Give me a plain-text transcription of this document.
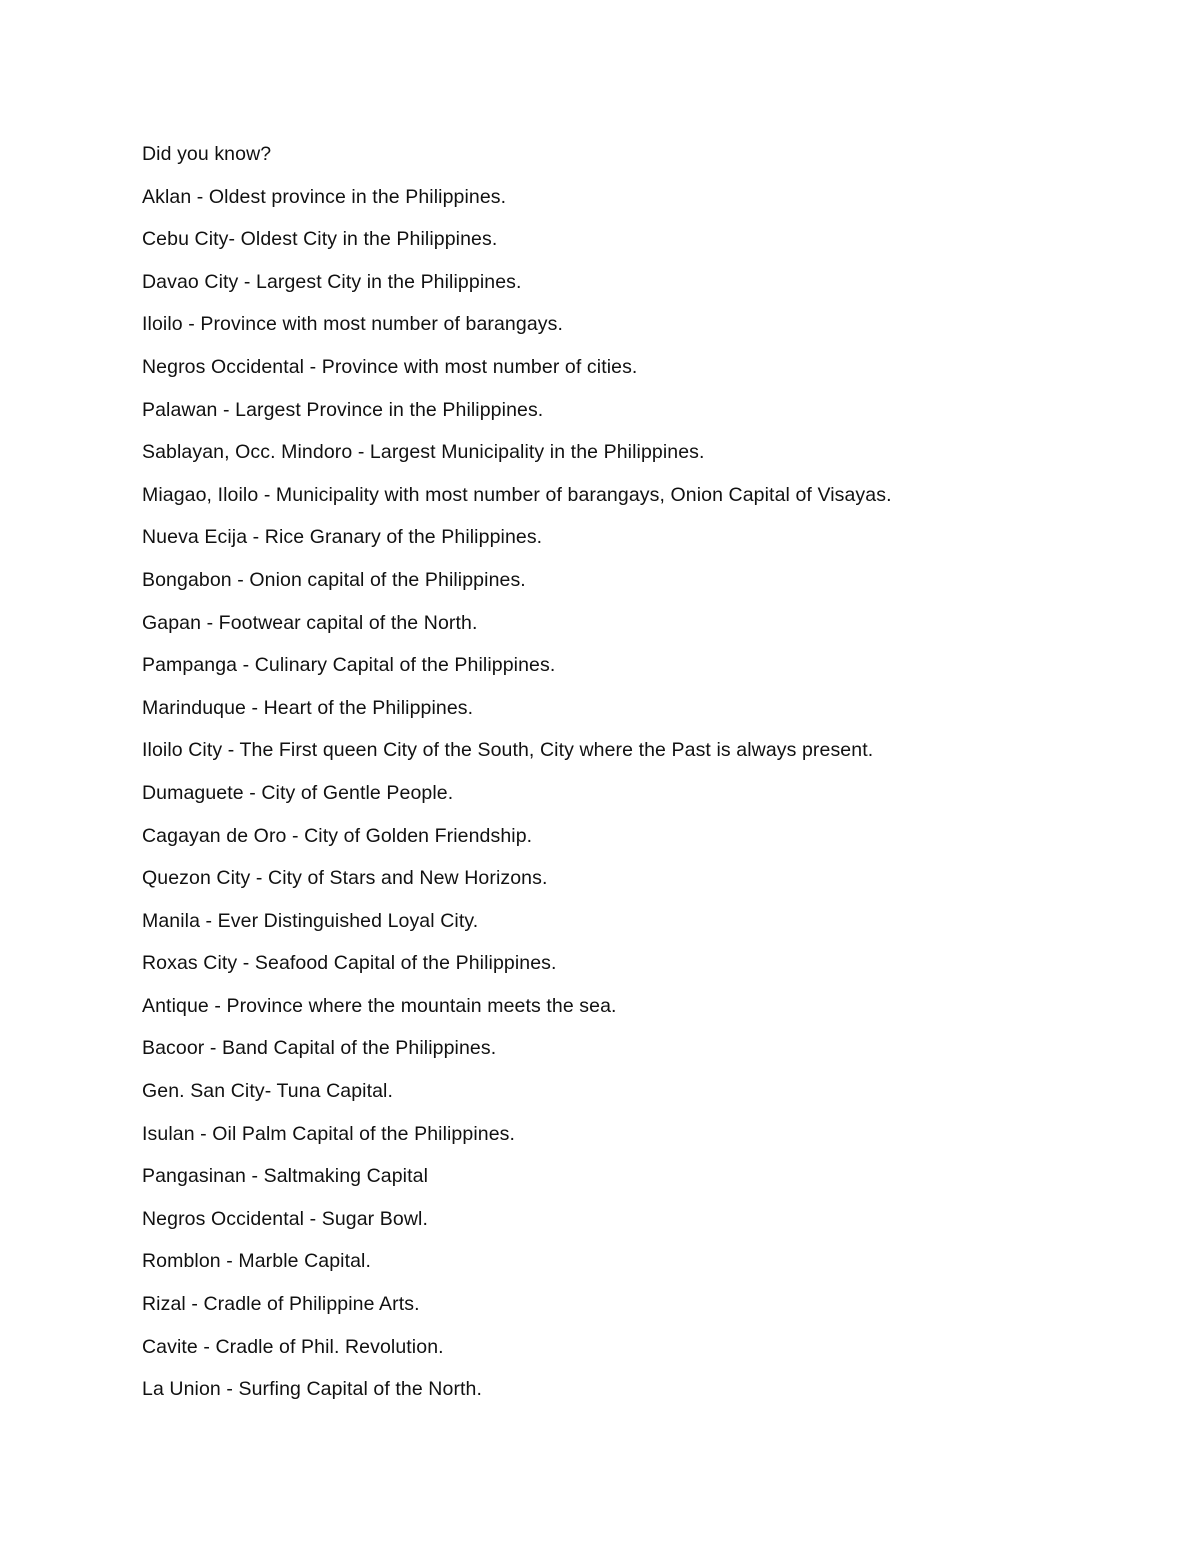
Did you know?
Aklan - Oldest province in the Philippines.
Cebu City- Oldest City in the Philippines.
Davao City - Largest City in the Philippines.
Iloilo - Province with most number of barangays.
Negros Occidental - Province with most number of cities.
Palawan - Largest Province in the Philippines.
Sablayan, Occ. Mindoro - Largest Municipality in the Philippines.
Miagao, Iloilo - Municipality with most number of barangays, Onion Capital of Visayas.
Nueva Ecija - Rice Granary of the Philippines.
Bongabon - Onion capital of the Philippines.
Gapan - Footwear capital of the North.
Pampanga - Culinary Capital of the Philippines.
Marinduque - Heart of the Philippines.
Iloilo City - The First queen City of the South, City where the Past is always present.
Dumaguete - City of Gentle People.
Cagayan de Oro - City of Golden Friendship.
Quezon City - City of Stars and New Horizons.
Manila - Ever Distinguished Loyal City.
Roxas City - Seafood Capital of the Philippines.
Antique - Province where the mountain meets the sea.
Bacoor - Band Capital of the Philippines.
Gen. San City- Tuna Capital.
Isulan - Oil Palm Capital of the Philippines.
Pangasinan - Saltmaking Capital
Negros Occidental - Sugar Bowl.
Romblon - Marble Capital.
Rizal - Cradle of Philippine Arts.
Cavite - Cradle of Phil. Revolution.
La Union - Surfing Capital of the North.
